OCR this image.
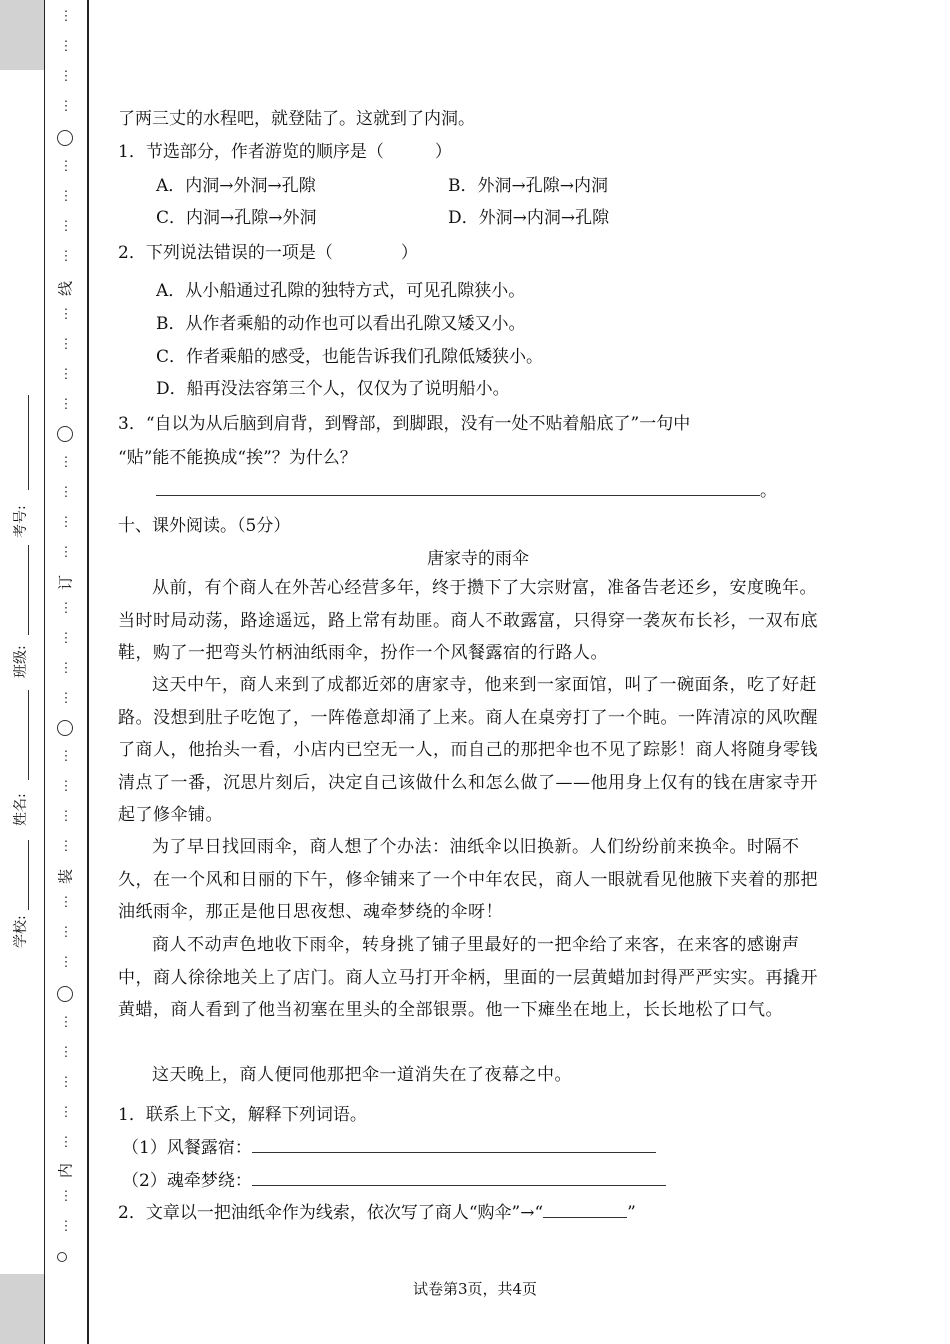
⋮
⋮
⋮
⋮
⋮
⋮
⋮
⋮
线
⋮
⋮
⋮
⋮
⋮
⋮
⋮
⋮
订
⋮
⋮
⋮
⋮
⋮
⋮
⋮
⋮
装
⋮
⋮
⋮
⋮
⋮
⋮
⋮
⋮
内
⋮
⋮
考号:
班级:
姓名:
学校:
了两三丈的水程吧，就登陆了。这就到了内洞。
1．节选部分，作者游览的顺序是（　　　）
A．内洞→外洞→孔隙	B．外洞→孔隙→内洞
C．内洞→孔隙→外洞	D．外洞→内洞→孔隙
2．下列说法错误的一项是（　　　　）
A．从小船通过孔隙的独特方式，可见孔隙狭小。
B．从作者乘船的动作也可以看出孔隙又矮又小。
C．作者乘船的感受，也能告诉我们孔隙低矮狭小。
D．船再没法容第三个人，仅仅为了说明船小。
3．“自以为从后脑到肩背，到臀部，到脚跟，没有一处不贴着船底了”一句中
“贴”能不能换成“挨”？为什么？
。
十、课外阅读。（5分）
唐家寺的雨伞
从前，有个商人在外苦心经营多年，终于攒下了大宗财富，准备告老还乡，安度晚年。当时时局动荡，路途遥远，路上常有劫匪。商人不敢露富，只得穿一袭灰布长衫，一双布底鞋，购了一把弯头竹柄油纸雨伞，扮作一个风餐露宿的行路人。
这天中午，商人来到了成都近郊的唐家寺，他来到一家面馆，叫了一碗面条，吃了好赶路。没想到肚子吃饱了，一阵倦意却涌了上来。商人在桌旁打了一个盹。一阵清凉的风吹醒了商人，他抬头一看，小店内已空无一人，而自己的那把伞也不见了踪影！商人将随身零钱清点了一番，沉思片刻后，决定自己该做什么和怎么做了——他用身上仅有的钱在唐家寺开起了修伞铺。
为了早日找回雨伞，商人想了个办法：油纸伞以旧换新。人们纷纷前来换伞。时隔不久，在一个风和日丽的下午，修伞铺来了一个中年农民，商人一眼就看见他腋下夹着的那把油纸雨伞，那正是他日思夜想、魂牵梦绕的伞呀！
商人不动声色地收下雨伞，转身挑了铺子里最好的一把伞给了来客，在来客的感谢声中，商人徐徐地关上了店门。商人立马打开伞柄，里面的一层黄蜡加封得严严实实。再撬开黄蜡，商人看到了他当初塞在里头的全部银票。他一下瘫坐在地上，长长地松了口气。
这天晚上，商人便同他那把伞一道消失在了夜幕之中。
1．联系上下文，解释下列词语。
（1）风餐露宿：
（2）魂牵梦绕：
2．文章以一把油纸伞作为线索，依次写了商人“购伞”→“	”
试卷第3页，共4页
